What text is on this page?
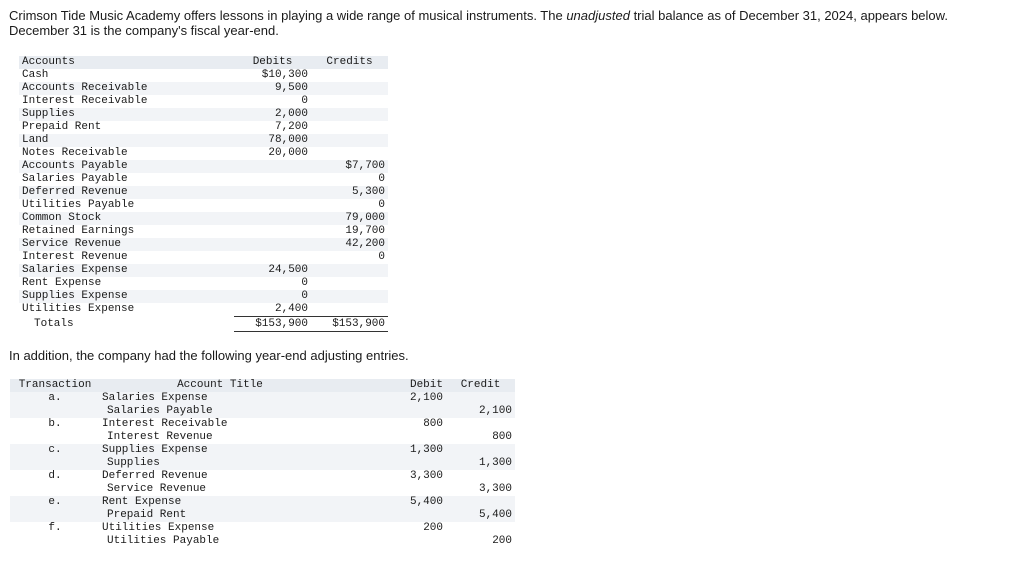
Crimson Tide Music Academy offers lessons in playing a wide range of musical instruments. The unadjusted trial balance as of December 31, 2024, appears below. December 31 is the company's fiscal year-end.
Accounts	Debits	Credits
Cash	$10,300	
Accounts Receivable	9,500	
Interest Receivable	0	
Supplies	2,000	
Prepaid Rent	7,200	
Land	78,000	
Notes Receivable	20,000	
Accounts Payable		$7,700
Salaries Payable		0
Deferred Revenue		5,300
Utilities Payable		0
Common Stock		79,000
Retained Earnings		19,700
Service Revenue		42,200
Interest Revenue		0
Salaries Expense	24,500	
Rent Expense	0	
Supplies Expense	0	
Utilities Expense	2,400	
Totals	$153,900	$153,900
In addition, the company had the following year-end adjusting entries.
Transaction	Account Title	Debit	Credit
a.	Salaries Expense	2,100	
	Salaries Payable		2,100
b.	Interest Receivable	800	
	Interest Revenue		800
c.	Supplies Expense	1,300	
	Supplies		1,300
d.	Deferred Revenue	3,300	
	Service Revenue		3,300
e.	Rent Expense	5,400	
	Prepaid Rent		5,400
f.	Utilities Expense	200	
	Utilities Payable		200
